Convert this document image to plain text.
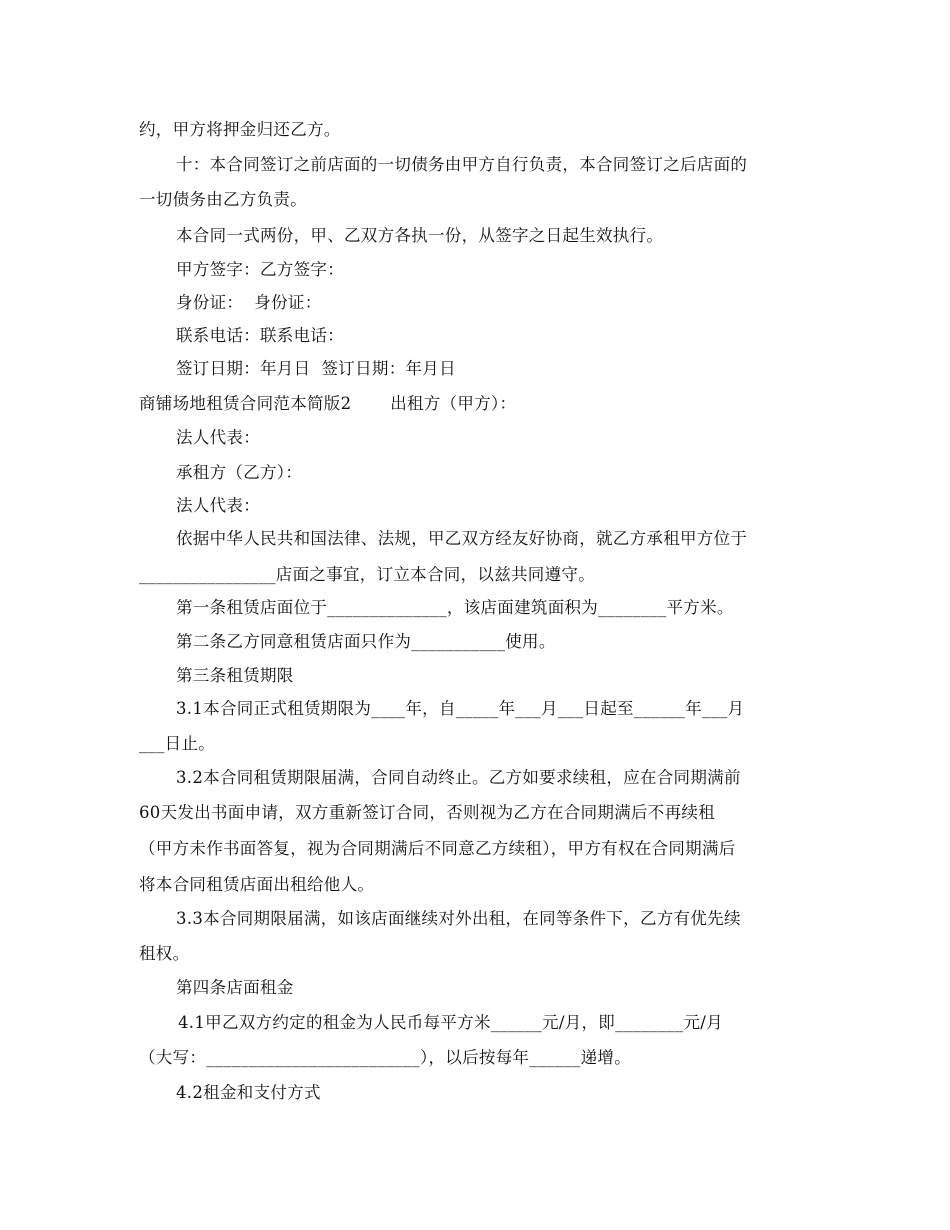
约，甲方将押金归还乙方。
十：本合同签订之前店面的一切债务由甲方自行负责，本合同签订之后店面的
一切债务由乙方负责。
本合同一式两份，甲、乙双方各执一份，从签字之日起生效执行。
甲方签字：乙方签字：
身份证：  身份证：
联系电话：联系电话：
签订日期：年月日  签订日期：年月日
商铺场地租赁合同范本简版2       出租方（甲方）：
法人代表：
承租方（乙方）：
法人代表：
依据中华人民共和国法律、法规，甲乙双方经友好协商，就乙方承租甲方位于
________________店面之事宜，订立本合同，以兹共同遵守。
第一条租赁店面位于______________，该店面建筑面积为________平方米。
第二条乙方同意租赁店面只作为___________使用。
第三条租赁期限
3.1本合同正式租赁期限为____年，自_____年___月___日起至______年___月
___日止。
3.2本合同租赁期限届满，合同自动终止。乙方如要求续租，应在合同期满前
60天发出书面申请，双方重新签订合同，否则视为乙方在合同期满后不再续租
（甲方未作书面答复，视为合同期满后不同意乙方续租），甲方有权在合同期满后
将本合同租赁店面出租给他人。
3.3本合同期限届满，如该店面继续对外出租，在同等条件下，乙方有优先续
租权。
第四条店面租金
4.1甲乙双方约定的租金为人民币每平方米______元/月，即________元/月
（大写：_________________________），以后按每年______递增。
4.2租金和支付方式
